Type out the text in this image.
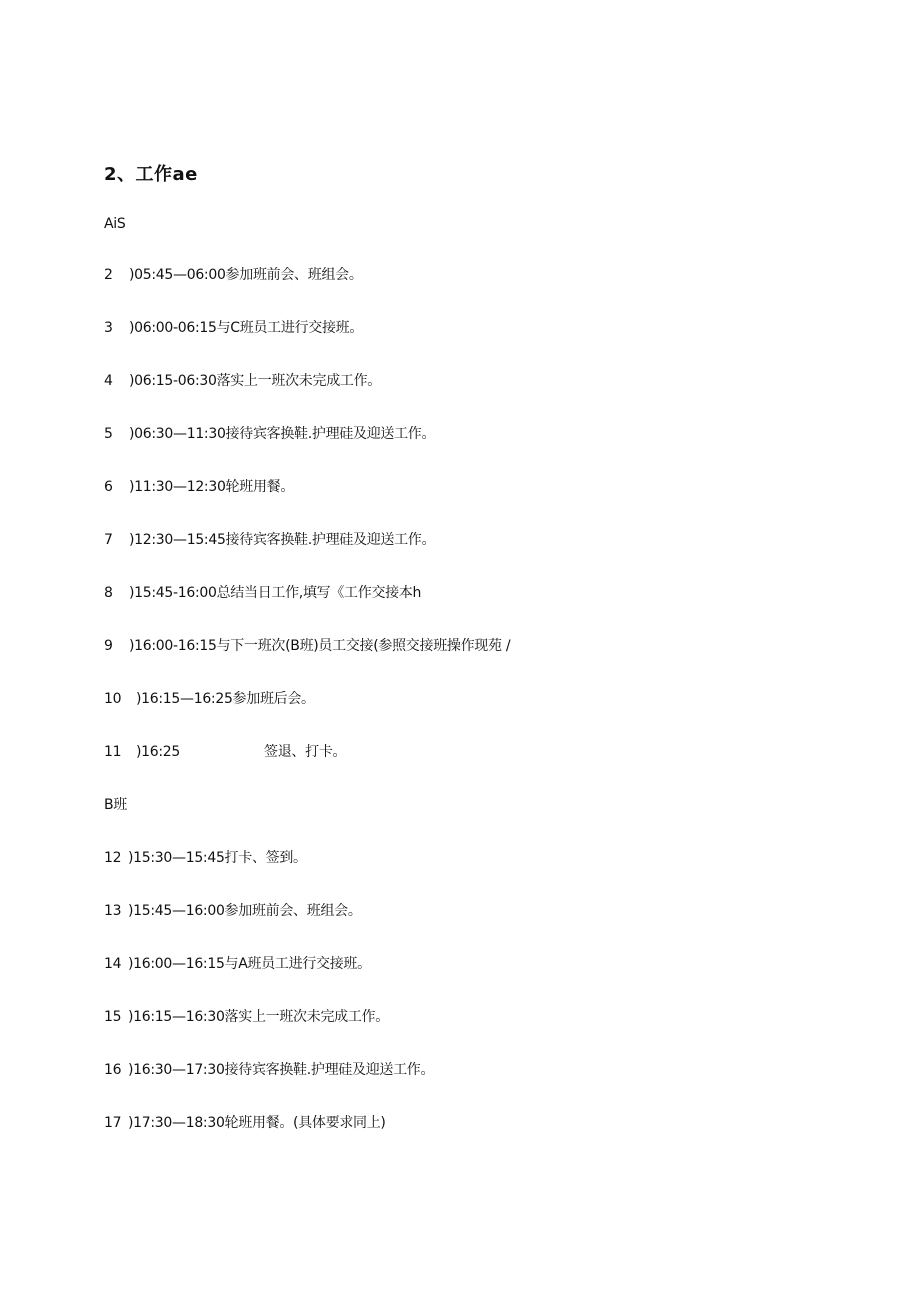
2、工作ae
AiS
2 )05:45—06:00参加班前会、班组会。
3 )06:00-06:15与C班员工进行交接班。
4 )06:15-06:30落实上一班次未完成工作。
5 )06:30—11:30接待宾客换鞋.护理硅及迎送工作。
6 )11:30—12:30轮班用餐。
7 )12:30—15:45接待宾客换鞋.护理硅及迎送工作。
8 )15:45-16:00总结当日工作,填写《工作交接本h
9 )16:00-16:15与下一班次(B班)员工交接(参照交接班操作现苑 /
10 )16:15—16:25参加班后会。
11 )16:25	签退、打卡。
B班
12 )15:30—15:45打卡、签到。
13 )15:45—16:00参加班前会、班组会。
14 )16:00—16:15与A班员工进行交接班。
15 )16:15—16:30落实上一班次未完成工作。
16 )16:30—17:30接待宾客换鞋.护理硅及迎送工作。
17 )17:30—18:30轮班用餐。(具体要求同上)
